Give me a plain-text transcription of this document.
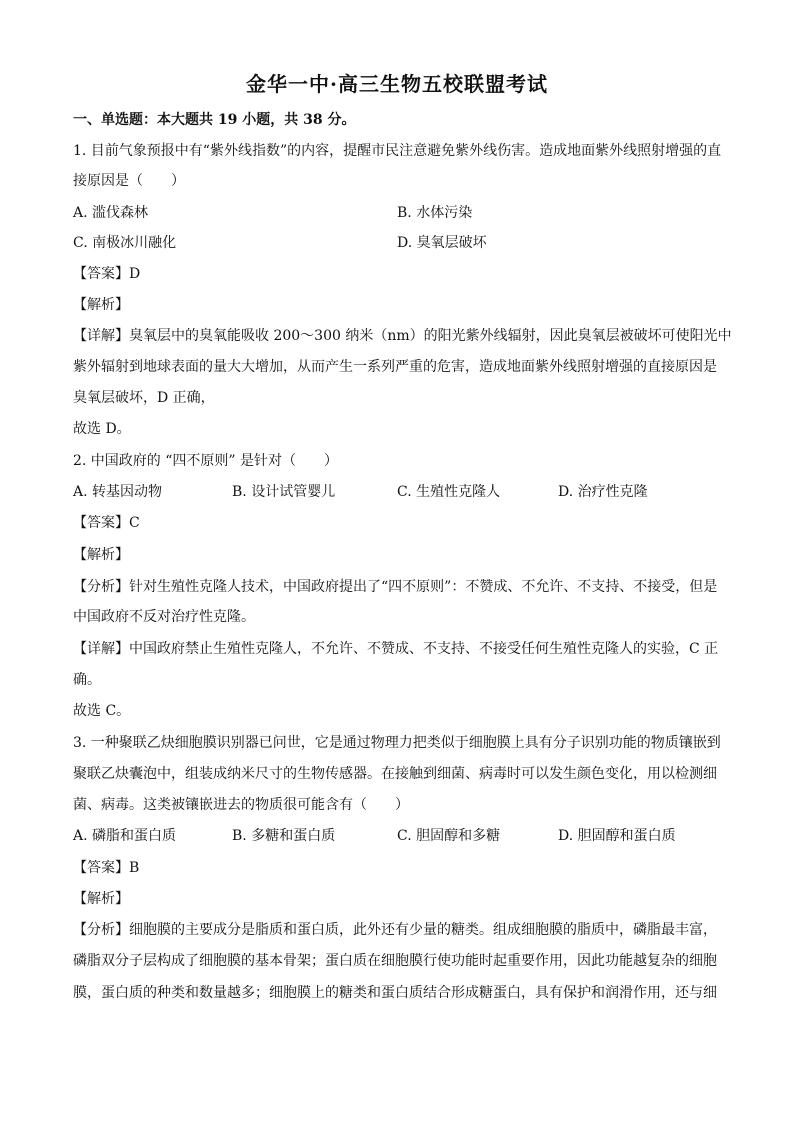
金华一中·高三生物五校联盟考试
一、单选题：本大题共 19 小题，共 38 分。
1. 目前气象预报中有“紫外线指数”的内容，提醒市民注意避免紫外线伤害。造成地面紫外线照射增强的直
接原因是（　　）
A. 滥伐森林	B. 水体污染
C. 南极冰川融化	D. 臭氧层破坏
【答案】D
【解析】
【详解】臭氧层中的臭氧能吸收 200～300 纳米（nm）的阳光紫外线辐射，因此臭氧层被破坏可使阳光中
紫外辐射到地球表面的量大大增加，从而产生一系列严重的危害，造成地面紫外线照射增强的直接原因是
臭氧层破坏，D 正确，
故选 D。
2. 中国政府的 “四不原则” 是针对（　　）
A. 转基因动物	B. 设计试管婴儿	C. 生殖性克隆人	D. 治疗性克隆
【答案】C
【解析】
【分析】针对生殖性克隆人技术，中国政府提出了“四不原则”：不赞成、不允许、不支持、不接受，但是
中国政府不反对治疗性克隆。
【详解】中国政府禁止生殖性克隆人，不允许、不赞成、不支持、不接受任何生殖性克隆人的实验，C 正
确。
故选 C。
3. 一种聚联乙炔细胞膜识别器已问世，它是通过物理力把类似于细胞膜上具有分子识别功能的物质镶嵌到
聚联乙炔囊泡中，组装成纳米尺寸的生物传感器。在接触到细菌、病毒时可以发生颜色变化，用以检测细
菌、病毒。这类被镶嵌进去的物质很可能含有（　　）
A. 磷脂和蛋白质	B. 多糖和蛋白质	C. 胆固醇和多糖	D. 胆固醇和蛋白质
【答案】B
【解析】
【分析】细胞膜的主要成分是脂质和蛋白质，此外还有少量的糖类。组成细胞膜的脂质中，磷脂最丰富，
磷脂双分子层构成了细胞膜的基本骨架；蛋白质在细胞膜行使功能时起重要作用，因此功能越复杂的细胞
膜，蛋白质的种类和数量越多；细胞膜上的糖类和蛋白质结合形成糖蛋白，具有保护和润滑作用，还与细
